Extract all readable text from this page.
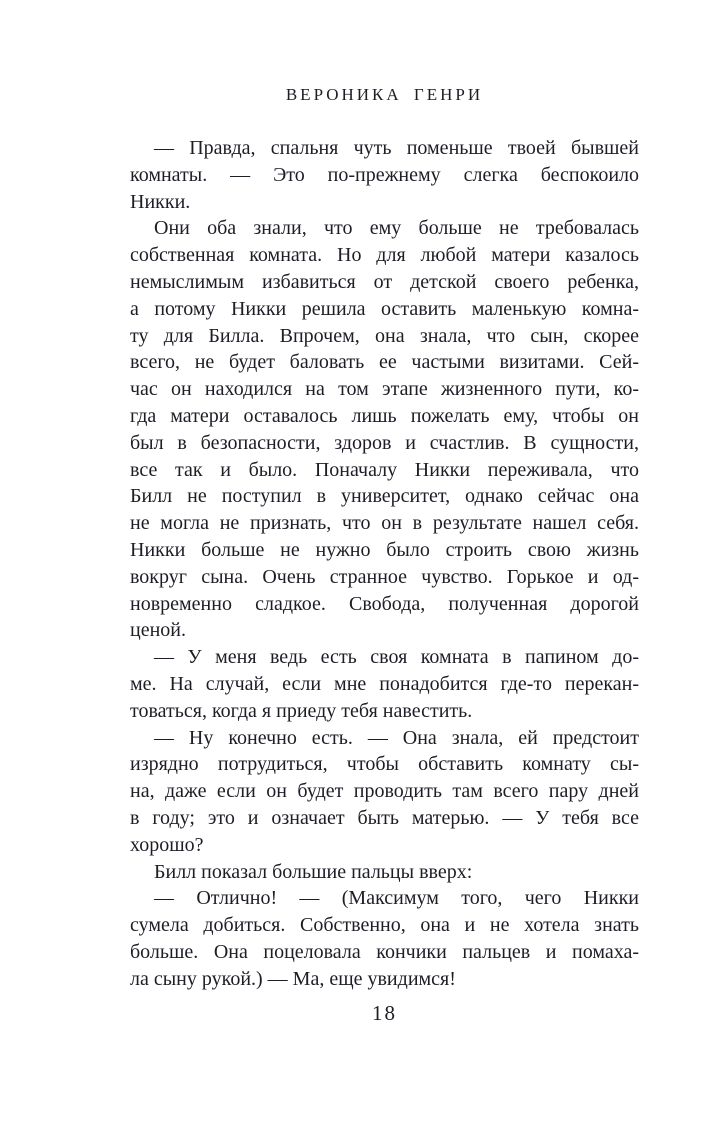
ВЕРОНИКА ГЕНРИ
— Правда, спальня чуть поменьше твоей бывшей
комнаты. — Это по-прежнему слегка беспокоило
Никки.
Они оба знали, что ему больше не требовалась
собственная комната. Но для любой матери казалось
немыслимым избавиться от детской своего ребенка,
а потому Никки решила оставить маленькую комна-
ту для Билла. Впрочем, она знала, что сын, скорее
всего, не будет баловать ее частыми визитами. Сей-
час он находился на том этапе жизненного пути, ко-
гда матери оставалось лишь пожелать ему, чтобы он
был в безопасности, здоров и счастлив. В сущности,
все так и было. Поначалу Никки переживала, что
Билл не поступил в университет, однако сейчас она
не могла не признать, что он в результате нашел себя.
Никки больше не нужно было строить свою жизнь
вокруг сына. Очень странное чувство. Горькое и од-
новременно сладкое. Свобода, полученная дорогой
ценой.
— У меня ведь есть своя комната в папином до-
ме. На случай, если мне понадобится где-то перекан-
товаться, когда я приеду тебя навестить.
— Ну конечно есть. — Она знала, ей предстоит
изрядно потрудиться, чтобы обставить комнату сы-
на, даже если он будет проводить там всего пару дней
в году; это и означает быть матерью. — У тебя все
хорошо?
Билл показал большие пальцы вверх:
— Отлично! — (Максимум того, чего Никки
сумела добиться. Собственно, она и не хотела знать
больше. Она поцеловала кончики пальцев и помаха-
ла сыну рукой.) — Ма, еще увидимся!
18
